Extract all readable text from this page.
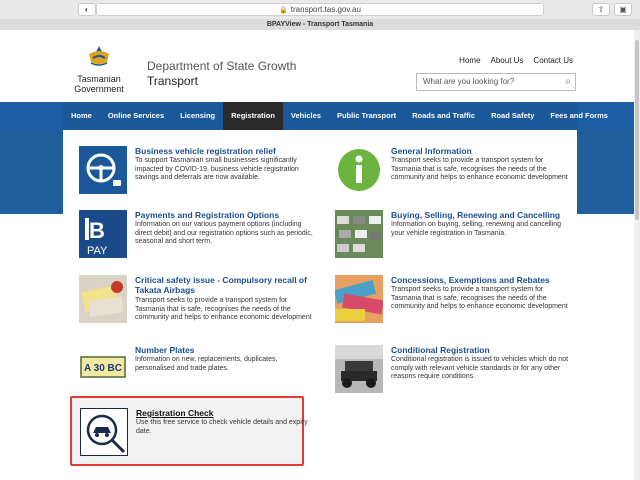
◐	🔒 transport.tas.gov.au	⇧	▣
BPAYView - Transport Tasmania
Tasmanian
Government
Department of State Growth
Transport
Home About Us Contact Us
What are you looking for?	⌕
Home	Online Services	Licensing	Registration	Vehicles	Public Transport	Roads and Traffic	Road Safety	Fees and Forms
Business vehicle registration relief
To support Tasmanian small businesses significantly impacted by COVID-19, business vehicle registration savings and deferrals are now available.
B
PAY
Payments and Registration Options
Information on our various payment options (including direct debit) and our registration options such as periodic, seasonal and short term.
Critical safety issue - Compulsory recall of Takata Airbags
Transport seeks to provide a transport system for Tasmania that is safe, recognises the needs of the community and helps to enhance economic development
A 30 BC
Number Plates
Information on new, replacements, duplicates, personalised and trade plates.
Registration Check
Use this free service to check vehicle details and expiry date.
General Information
Transport seeks to provide a transport system for Tasmania that is safe, recognises the needs of the community and helps to enhance economic development
Buying, Selling, Renewing and Cancelling
Information on buying, selling, renewing and cancelling your vehicle registration in Tasmania.
Concessions, Exemptions and Rebates
Transport seeks to provide a transport system for Tasmania that is safe, recognises the needs of the community and helps to enhance economic development
Conditional Registration
Conditional registration is issued to vehicles which do not comply with relevant vehicle standards or for any other reasons require conditions.
